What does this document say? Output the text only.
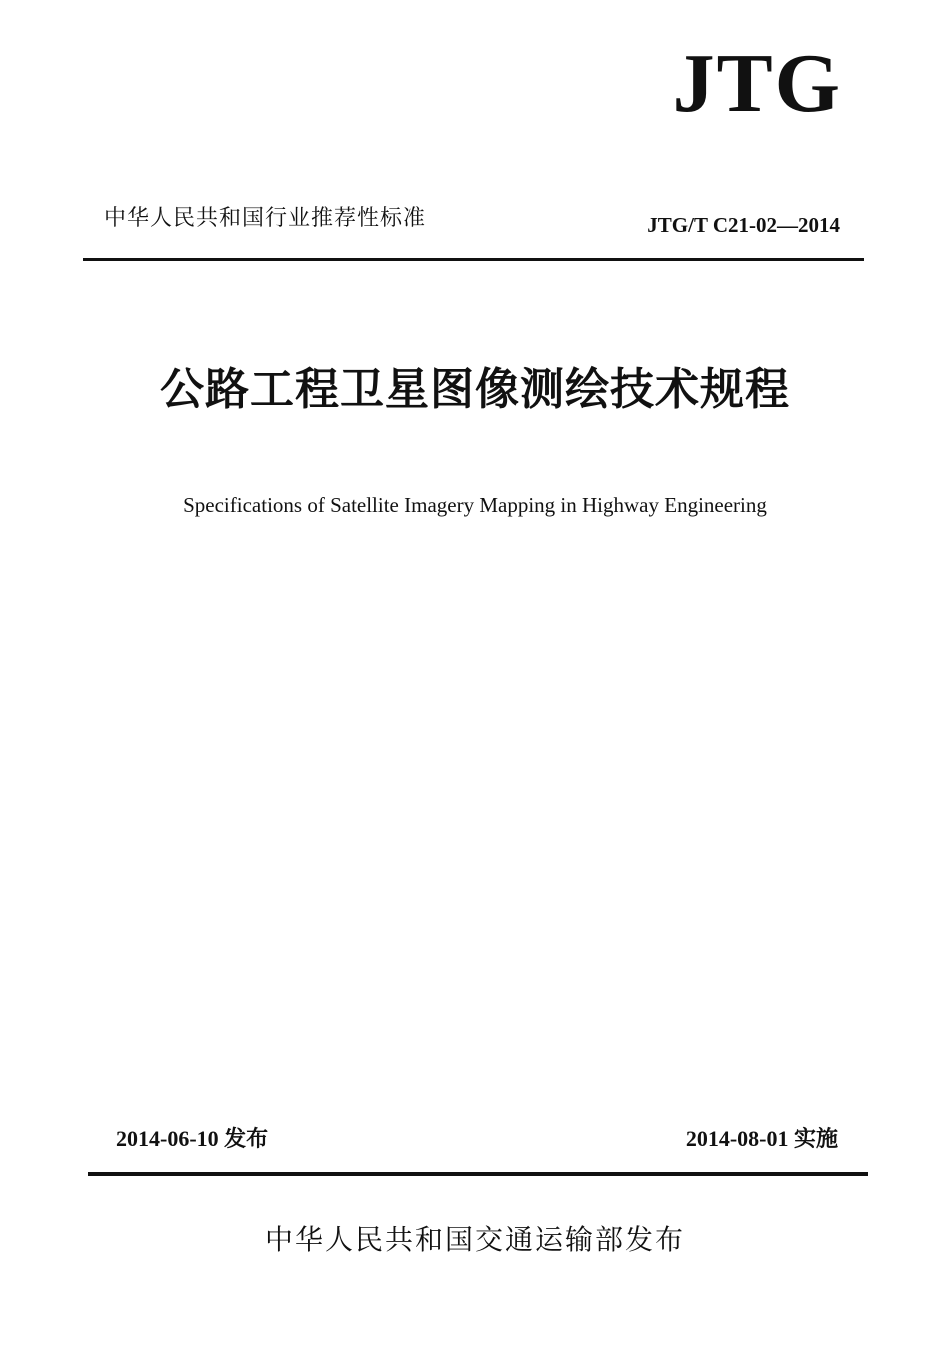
JTG
中华人民共和国行业推荐性标准	JTG/T C21-02—2014
公路工程卫星图像测绘技术规程
Specifications of Satellite Imagery Mapping in Highway Engineering
2014-06-10 发布	2014-08-01 实施
中华人民共和国交通运输部发布
